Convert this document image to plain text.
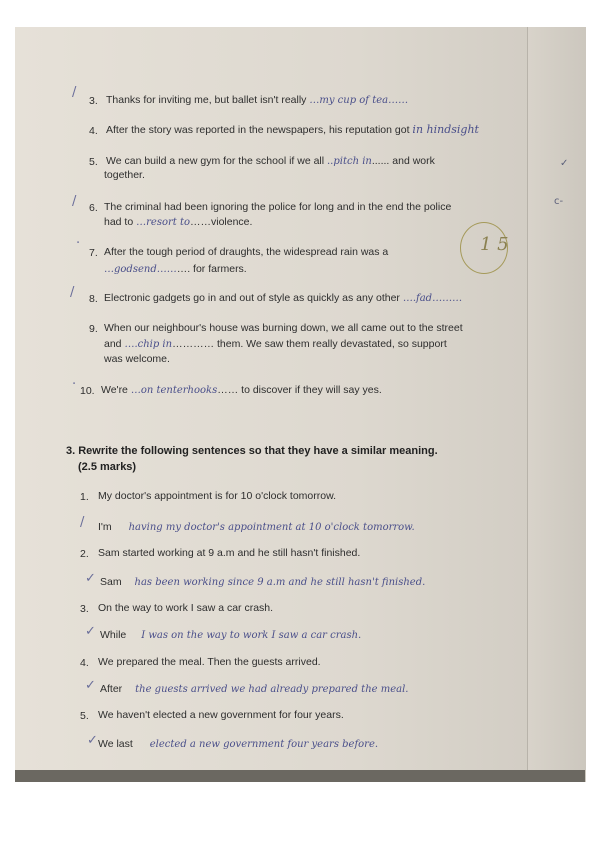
✓
c-
/
3. Thanks for inviting me, but ballet isn't really …my cup of tea……
4. After the story was reported in the newspapers, his reputation got in hindsight
5. We can build a new gym for the school if we all ..pitch in...... and work
together.
/ 6. The criminal had been ignoring the police for long and in the end the police
had to …resort to……violence.
·
7. After the tough period of draughts, the widespread rain was a
…godsend………. for farmers.
1 5
/ 8. Electronic gadgets go in and out of style as quickly as any other ….fad………
9. When our neighbour's house was burning down, we all came out to the street
and ….chip in………… them. We saw them really devastated, so support
was welcome.
· 10. We're …on tenterhooks…… to discover if they will say yes.
3. Rewrite the following sentences so that they have a similar meaning.
(2.5 marks)
1. My doctor's appointment is for 10 o'clock tomorrow.
/ I'm having my doctor's appointment at 10 o'clock tomorrow.
2. Sam started working at 9 a.m and he still hasn't finished.
✓ Sam has been working since 9 a.m and he still hasn't finished.
3. On the way to work I saw a car crash.
✓ While I was on the way to work I saw a car crash.
4. We prepared the meal. Then the guests arrived.
✓ After the guests arrived we had already prepared the meal.
5. We haven't elected a new government for four years.
✓ We last elected a new government four years before.
